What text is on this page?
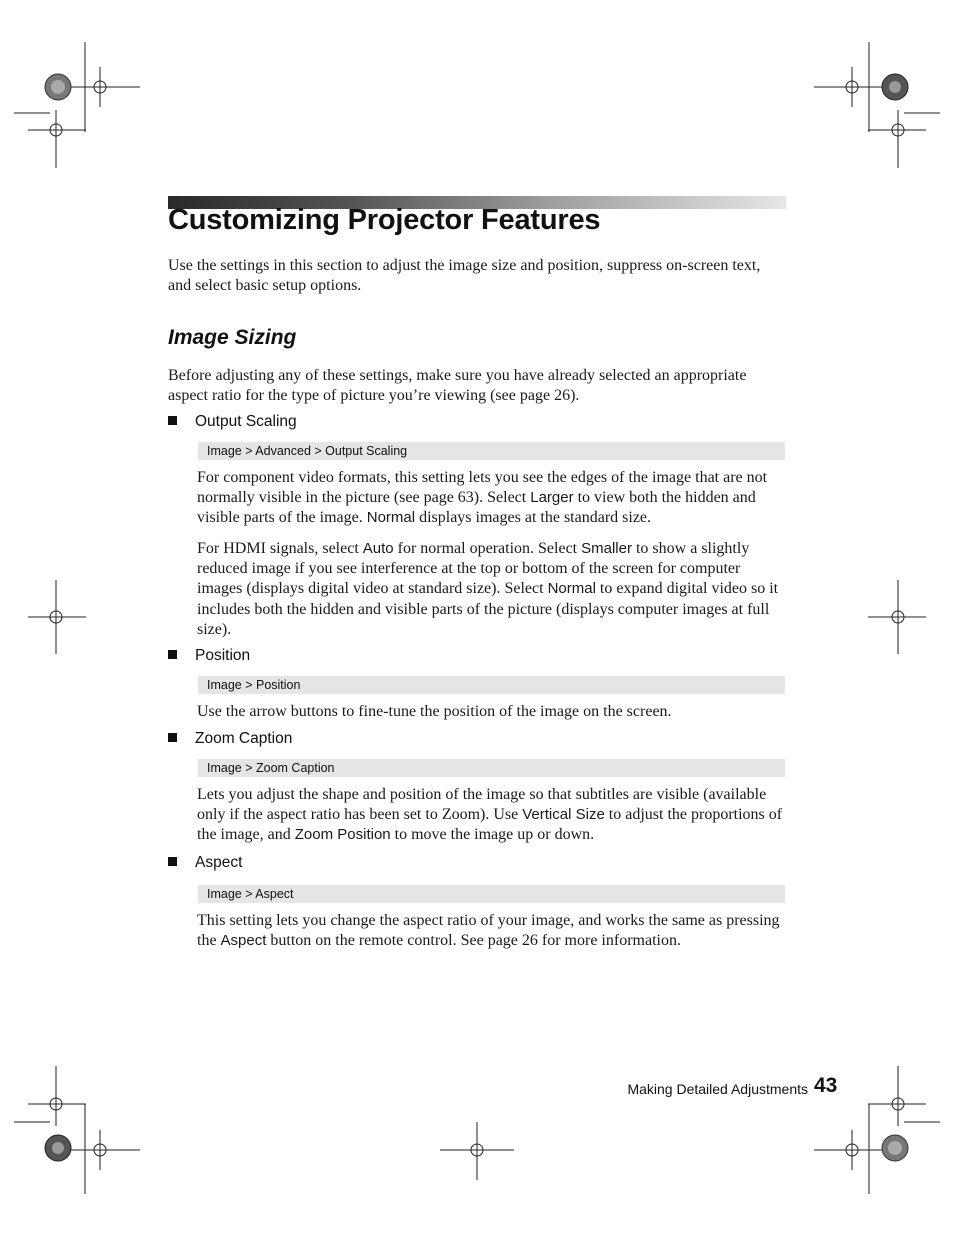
Customizing Projector Features

Use the settings in this section to adjust the image size and position, suppress on-screen text, and select basic setup options.

Image Sizing

Before adjusting any of these settings, make sure you have already selected an appropriate aspect ratio for the type of picture you’re viewing (see page 26).

Output Scaling
Image > Advanced > Output Scaling

For component video formats, this setting lets you see the edges of the image that are not normally visible in the picture (see page 63). Select Larger to view both the hidden and visible parts of the image. Normal displays images at the standard size.

For HDMI signals, select Auto for normal operation. Select Smaller to show a slightly reduced image if you see interference at the top or bottom of the screen for computer images (displays digital video at standard size). Select Normal to expand digital video so it includes both the hidden and visible parts of the picture (displays computer images at full size).

Position
Image > Position

Use the arrow buttons to fine-tune the position of the image on the screen.

Zoom Caption
Image > Zoom Caption

Lets you adjust the shape and position of the image so that subtitles are visible (available only if the aspect ratio has been set to Zoom). Use Vertical Size to adjust the proportions of the image, and Zoom Position to move the image up or down.

Aspect
Image > Aspect

This setting lets you change the aspect ratio of your image, and works the same as pressing the Aspect button on the remote control. See page 26 for more information.

Making Detailed Adjustments 43
